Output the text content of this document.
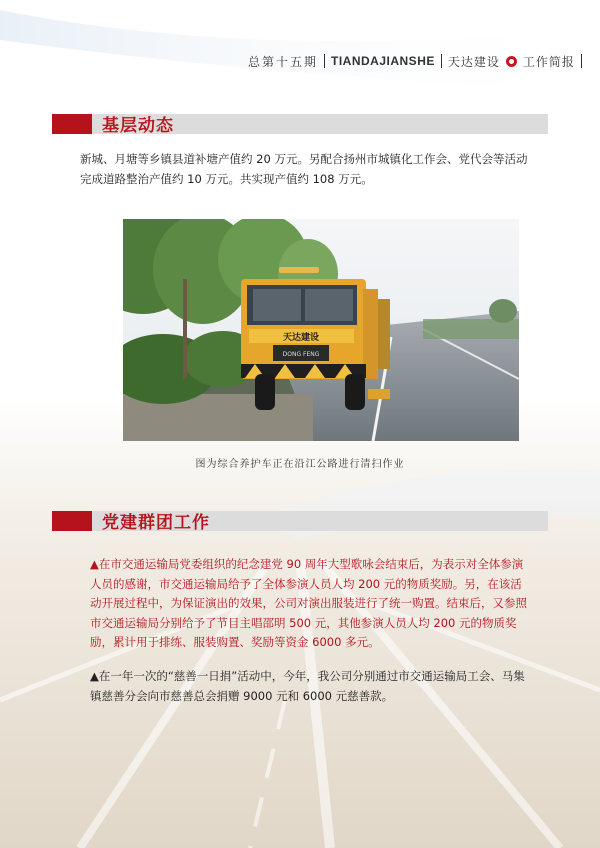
总第十五期 TIANDAJIANSHE 天达建设 工作简报
基层动态
新城、月塘等乡镇县道补塘产值约 20 万元。另配合扬州市城镇化工作会、党代会等活动完成道路整治产值约 10 万元。共实现产值约 108 万元。
天达建设
DONG FENG
图为综合养护车正在沿江公路进行清扫作业
党建群团工作
▲在市交通运输局党委组织的纪念建党 90 周年大型歌咏会结束后，为表示对全体参演人员的感谢，市交通运输局给予了全体参演人员人均 200 元的物质奖励。另，在该活动开展过程中，为保证演出的效果，公司对演出服装进行了统一购置。结束后，又参照市交通运输局分别给予了节目主唱邵明 500 元，其他参演人员人均 200 元的物质奖励，累计用于排练、服装购置、奖励等资金 6000 多元。
▲在一年一次的“慈善一日捐”活动中，今年，我公司分别通过市交通运输局工会、马集镇慈善分会向市慈善总会捐赠 9000 元和 6000 元慈善款。
